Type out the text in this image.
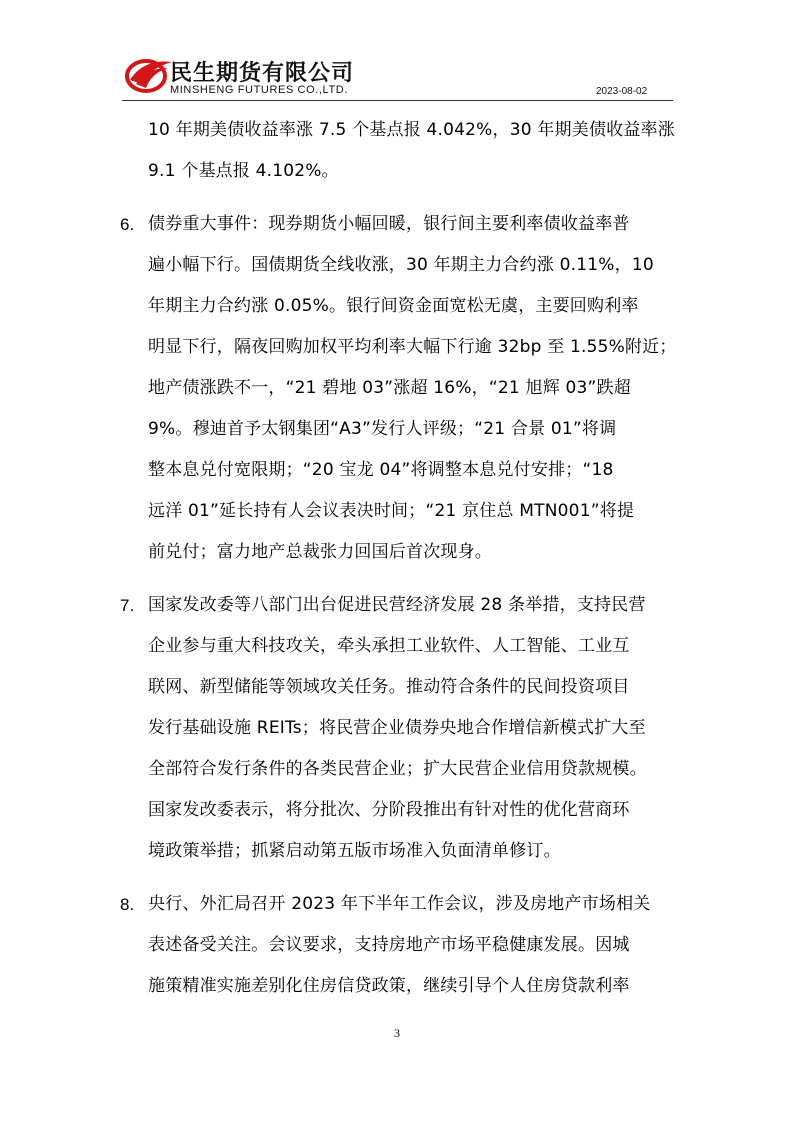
民生期货有限公司
MINSHENG FUTURES CO.,LTD.	2023-08-02
10 年期美债收益率涨 7.5 个基点报 4.042%，30 年期美债收益率涨
9.1 个基点报 4.102%。
6. 债券重大事件：现券期货小幅回暖，银行间主要利率债收益率普
遍小幅下行。国债期货全线收涨，30 年期主力合约涨 0.11%，10
年期主力合约涨 0.05%。银行间资金面宽松无虞，主要回购利率
明显下行，隔夜回购加权平均利率大幅下行逾 32bp 至 1.55%附近；
地产债涨跌不一，“21 碧地 03”涨超 16%，“21 旭辉 03”跌超
9%。穆迪首予太钢集团“A3”发行人评级；“21 合景 01”将调
整本息兑付宽限期；“20 宝龙 04”将调整本息兑付安排；“18
远洋 01”延长持有人会议表决时间；“21 京住总 MTN001”将提
前兑付；富力地产总裁张力回国后首次现身。
7. 国家发改委等八部门出台促进民营经济发展 28 条举措，支持民营
企业参与重大科技攻关，牵头承担工业软件、人工智能、工业互
联网、新型储能等领域攻关任务。推动符合条件的民间投资项目
发行基础设施 REITs；将民营企业债券央地合作增信新模式扩大至
全部符合发行条件的各类民营企业；扩大民营企业信用贷款规模。
国家发改委表示，将分批次、分阶段推出有针对性的优化营商环
境政策举措；抓紧启动第五版市场准入负面清单修订。
8. 央行、外汇局召开 2023 年下半年工作会议，涉及房地产市场相关
表述备受关注。会议要求，支持房地产市场平稳健康发展。因城
施策精准实施差别化住房信贷政策，继续引导个人住房贷款利率
3
